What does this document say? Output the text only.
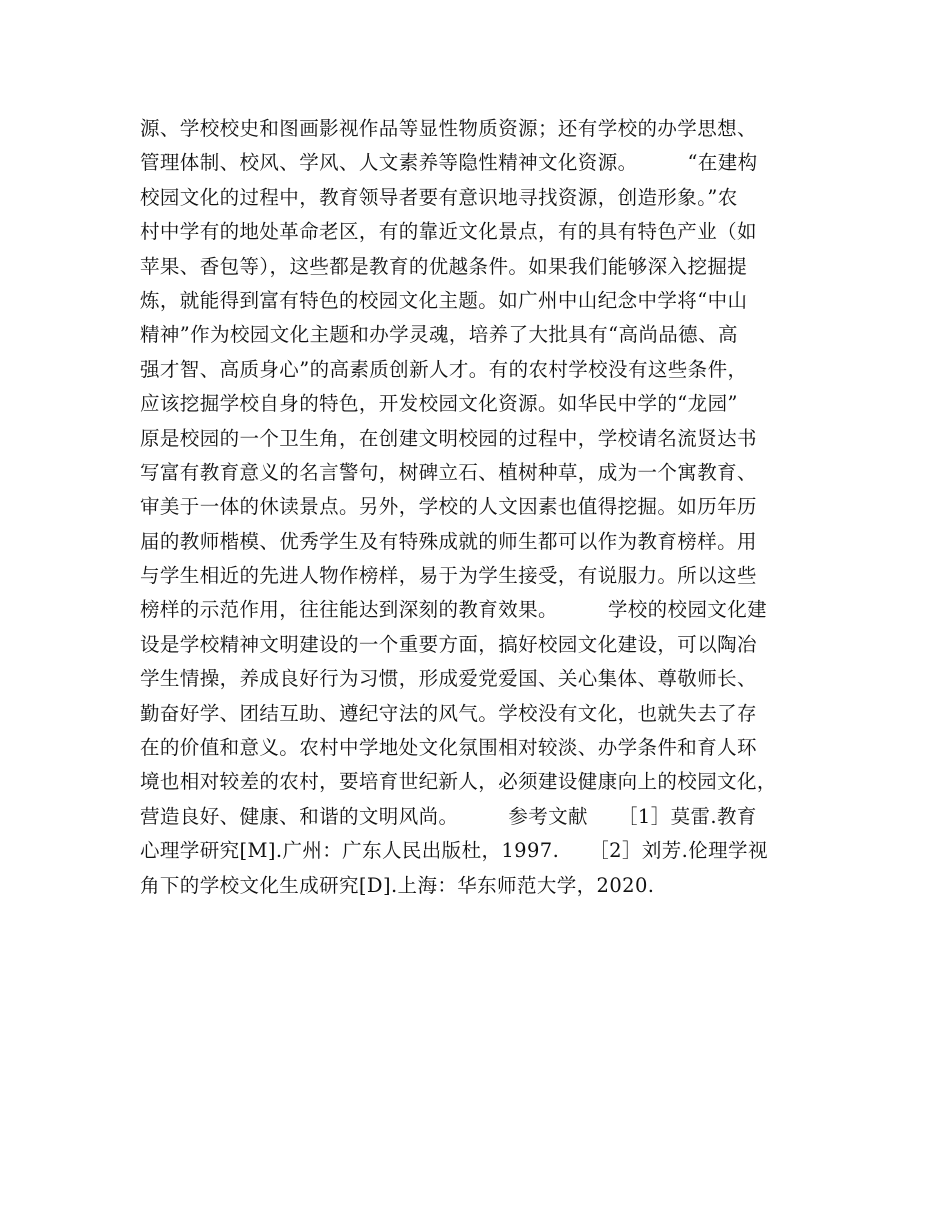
源、学校校史和图画影视作品等显性物质资源；还有学校的办学思想、
管理体制、校风、学风、人文素养等隐性精神文化资源。　　　“在建构
校园文化的过程中，教育领导者要有意识地寻找资源，创造形象。”农
村中学有的地处革命老区，有的靠近文化景点，有的具有特色产业（如
苹果、香包等），这些都是教育的优越条件。如果我们能够深入挖掘提
炼，就能得到富有特色的校园文化主题。如广州中山纪念中学将“中山
精神”作为校园文化主题和办学灵魂，培养了大批具有“高尚品德、高
强才智、高质身心”的高素质创新人才。有的农村学校没有这些条件，
应该挖掘学校自身的特色，开发校园文化资源。如华民中学的“龙园”
原是校园的一个卫生角，在创建文明校园的过程中，学校请名流贤达书
写富有教育意义的名言警句，树碑立石、植树种草，成为一个寓教育、
审美于一体的休读景点。另外，学校的人文因素也值得挖掘。如历年历
届的教师楷模、优秀学生及有特殊成就的师生都可以作为教育榜样。用
与学生相近的先进人物作榜样，易于为学生接受，有说服力。所以这些
榜样的示范作用，往往能达到深刻的教育效果。　　　学校的校园文化建
设是学校精神文明建设的一个重要方面，搞好校园文化建设，可以陶冶
学生情操，养成良好行为习惯，形成爱党爱国、关心集体、尊敬师长、
勤奋好学、团结互助、遵纪守法的风气。学校没有文化，也就失去了存
在的价值和意义。农村中学地处文化氛围相对较淡、办学条件和育人环
境也相对较差的农村，要培育世纪新人，必须建设健康向上的校园文化，
营造良好、健康、和谐的文明风尚。　　　参考文献　　［1］莫雷.教育
心理学研究[M].广州：广东人民出版杜，1997.　　［2］刘芳.伦理学视
角下的学校文化生成研究[D].上海：华东师范大学，2020.
